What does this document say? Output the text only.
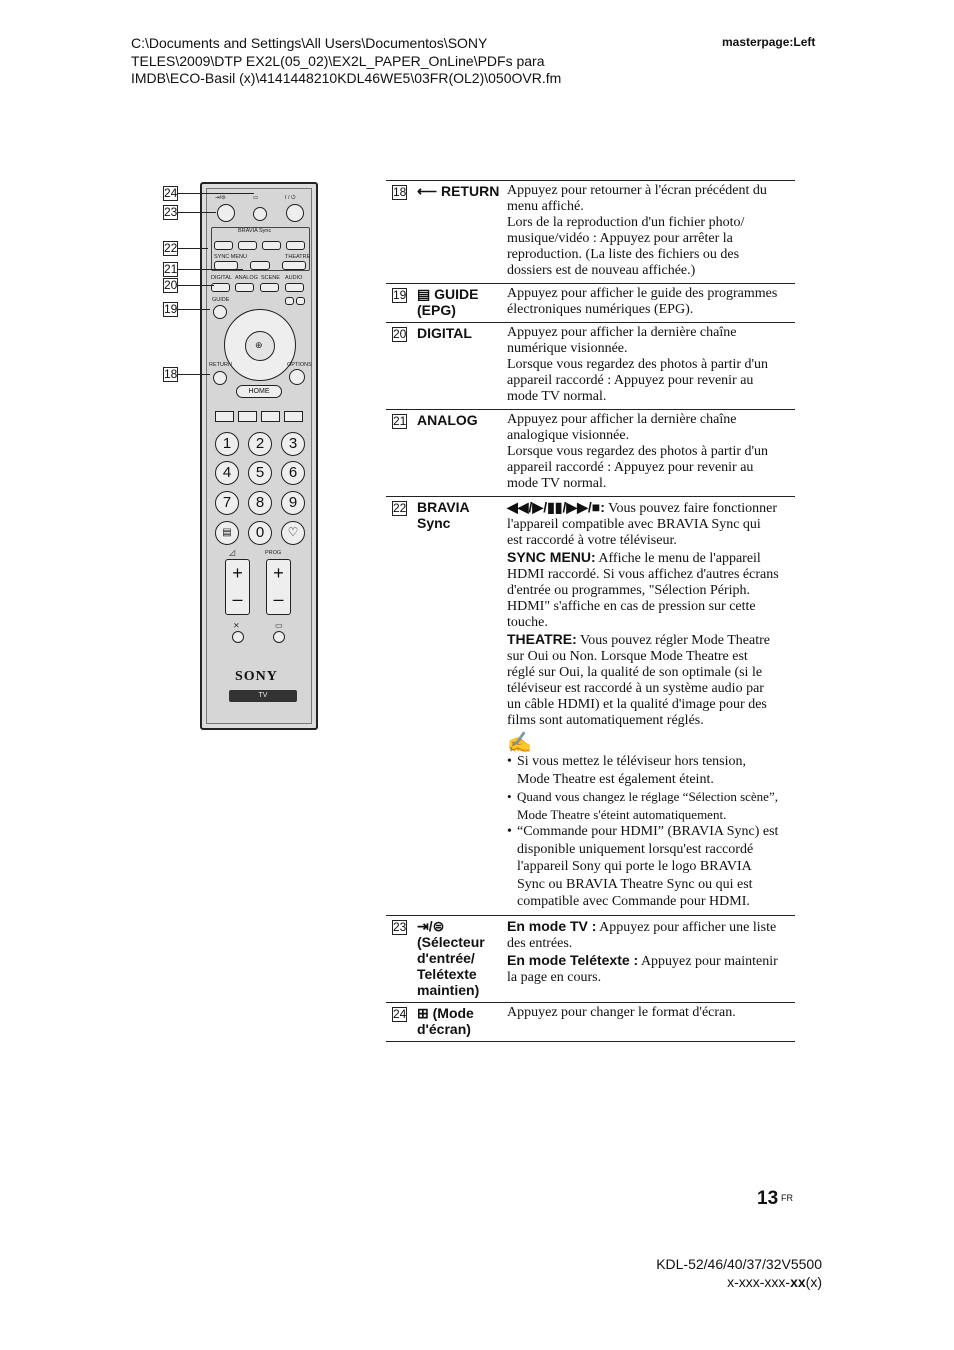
C:\Documents and Settings\All Users\Documentos\SONY
TELES\2009\DTP EX2L(05_02)\EX2L_PAPER_OnLine\PDFs para
IMDB\ECO-Basil (x)\4141448210KDL46WE5\03FR(OL2)\050OVR.fm
masterpage:Left
⇥/⊜	▭	I / ⏻
BRAVIA Sync
SYNC MENU	THEATRE
DIGITAL ANALOG SCENE AUDIO
GUIDE
⊕
RETURN	OPTIONS
HOME
1	2	3
4	5	6
7	8	9
▤	0	♡
◿	PROG
+
–
+
–
⨯	▭
SONY
TV
24
23
22
21
20
19
18
18 ⟵ RETURN Appuyez pour retourner à l'écran précédent du menu affiché.
Lors de la reproduction d'un fichier photo/ musique/vidéo : Appuyez pour arrêter la reproduction. (La liste des fichiers ou des dossiers est de nouveau affichée.)
19 ▤ GUIDE (EPG)
Appuyez pour afficher le guide des programmes électroniques numériques (EPG).
20 DIGITAL	Appuyez pour afficher la dernière chaîne numérique visionnée.
Lorsque vous regardez des photos à partir d'un appareil raccordé : Appuyez pour revenir au mode TV normal.
21 ANALOG	Appuyez pour afficher la dernière chaîne analogique visionnée.
Lorsque vous regardez des photos à partir d'un appareil raccordé : Appuyez pour revenir au mode TV normal.
22 BRAVIA Sync
◀◀/▶/▮▮/▶▶/■: Vous pouvez faire fonctionner l'appareil compatible avec BRAVIA Sync qui est raccordé à votre téléviseur.
SYNC MENU: Affiche le menu de l'appareil HDMI raccordé. Si vous affichez d'autres écrans d'entrée ou programmes, "Sélection Périph. HDMI" s'affiche en cas de pression sur cette touche.
THEATRE: Vous pouvez régler Mode Theatre sur Oui ou Non. Lorsque Mode Theatre est réglé sur Oui, la qualité de son optimale (si le téléviseur est raccordé à un système audio par un câble HDMI) et la qualité d'image pour des films sont automatiquement réglés.
✍
• Si vous mettez le téléviseur hors tension, Mode Theatre est également éteint.
• Quand vous changez le réglage “Sélection scène”, Mode Theatre s'éteint automatiquement.
• “Commande pour HDMI” (BRAVIA Sync) est disponible uniquement lorsqu'est raccordé l'appareil Sony qui porte le logo BRAVIA Sync ou BRAVIA Theatre Sync ou qui est compatible avec Commande pour HDMI.
23 ⇥/⊜
(Sélecteur d'entrée/ Telétexte maintien)
En mode TV : Appuyez pour afficher une liste des entrées.
En mode Telétexte : Appuyez pour maintenir la page en cours.
24 ⊞ (Mode d'écran)
Appuyez pour changer le format d'écran.
13 FR
KDL-52/46/40/37/32V5500
x-xxx-xxx-xx(x)
